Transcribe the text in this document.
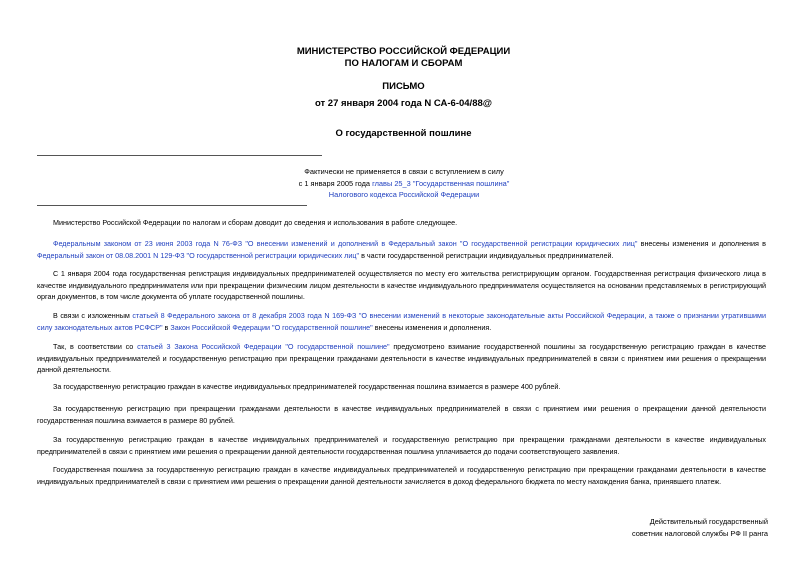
МИНИСТЕРСТВО РОССИЙСКОЙ ФЕДЕРАЦИИ
ПО НАЛОГАМ И СБОРАМ
ПИСЬМО
от 27 января 2004 года N СА-6-04/88@
О государственной пошлине
Фактически не применяется в связи с вступлением в силу
с 1 января 2005 года главы 25_3 "Государственная пошлина"
Налогового кодекса Российской Федерации
Министерство Российской Федерации по налогам и сборам доводит до сведения и использования в работе следующее.
Федеральным законом от 23 июня 2003 года N 76-ФЗ "О внесении изменений и дополнений в Федеральный закон "О государственной регистрации юридических лиц" внесены изменения и дополнения в Федеральный закон от 08.08.2001 N 129-ФЗ "О государственной регистрации юридических лиц" в части государственной регистрации индивидуальных предпринимателей.
С 1 января 2004 года государственная регистрация индивидуальных предпринимателей осуществляется по месту его жительства регистрирующим органом. Государственная регистрация физического лица в качестве индивидуального предпринимателя или при прекращении физическим лицом деятельности в качестве индивидуального предпринимателя осуществляется на основании представляемых в регистрирующий орган документов, в том числе документа об уплате государственной пошлины.
В связи с изложенным статьей 8 Федерального закона от 8 декабря 2003 года N 169-ФЗ "О внесении изменений в некоторые законодательные акты Российской Федерации, а также о признании утратившими силу законодательных актов РСФСР" в Закон Российской Федерации "О государственной пошлине" внесены изменения и дополнения.
Так, в соответствии со статьей 3 Закона Российской Федерации "О государственной пошлине" предусмотрено взимание государственной пошлины за государственную регистрацию граждан в качестве индивидуальных предпринимателей и государственную регистрацию при прекращении гражданами деятельности в качестве индивидуальных предпринимателей в связи с принятием ими решения о прекращении данной деятельности.
За государственную регистрацию граждан в качестве индивидуальных предпринимателей государственная пошлина взимается в размере 400 рублей.
За государственную регистрацию при прекращении гражданами деятельности в качестве индивидуальных предпринимателей в связи с принятием ими решения о прекращении данной деятельности государственная пошлина взимается в размере 80 рублей.
За государственную регистрацию граждан в качестве индивидуальных предпринимателей и государственную регистрацию при прекращении гражданами деятельности в качестве индивидуальных предпринимателей в связи с принятием ими решения о прекращении данной деятельности государственная пошлина уплачивается до подачи соответствующего заявления.
Государственная пошлина за государственную регистрацию граждан в качестве индивидуальных предпринимателей и государственную регистрацию при прекращении гражданами деятельности в качестве индивидуальных предпринимателей в связи с принятием ими решения о прекращении данной деятельности зачисляется в доход федерального бюджета по месту нахождения банка, принявшего платеж.
Действительный государственный
советник налоговой службы РФ II ранга
